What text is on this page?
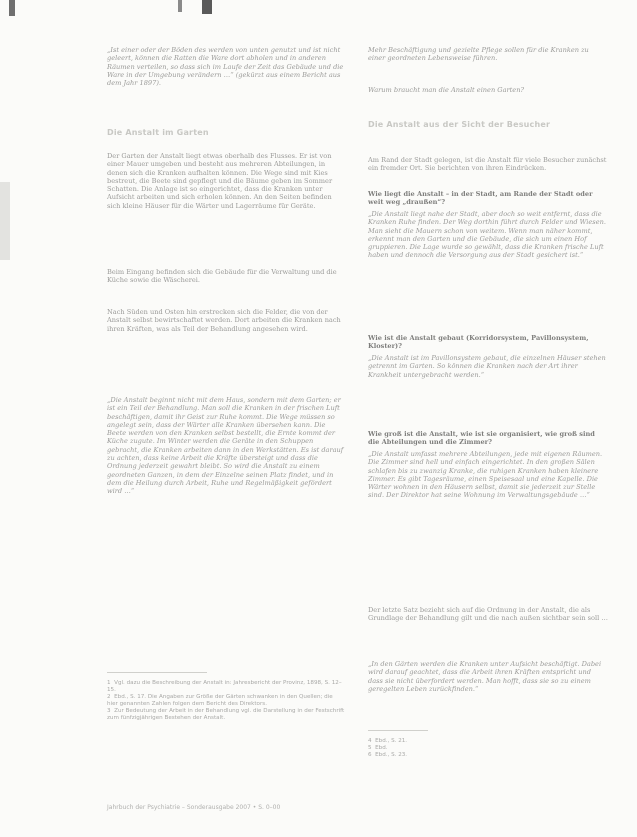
„Ist einer oder der Böden des werden von unten genutzt und ist nicht geleert, können die Ratten die Ware dort abholen und in anderen Räumen verteilen, so dass sich im Laufe der Zeit das Gebäude und die Ware in der Umgebung verändern …“ (gekürzt aus einem Bericht aus dem Jahr 1897).

Die Anstalt im Garten

Der Garten der Anstalt liegt etwas oberhalb des Flusses. Er ist von einer Mauer umgeben und besteht aus mehreren Abteilungen, in denen sich die Kranken aufhalten können. Die Wege sind mit Kies bestreut, die Beete sind gepflegt und die Bäume geben im Sommer Schatten. Die Anlage ist so eingerichtet, dass die Kranken unter Aufsicht arbeiten und sich erholen können. An den Seiten befinden sich kleine Häuser für die Wärter und Lagerräume für Geräte.

Beim Eingang befinden sich die Gebäude für die Verwaltung und die Küche sowie die Wäscherei.

Nach Süden und Osten hin erstrecken sich die Felder, die von der Anstalt selbst bewirtschaftet werden. Dort arbeiten die Kranken nach ihren Kräften, was als Teil der Behandlung angesehen wird.

„Die Anstalt beginnt nicht mit dem Haus, sondern mit dem Garten; er ist ein Teil der Behandlung. Man soll die Kranken in der frischen Luft beschäftigen, damit ihr Geist zur Ruhe kommt. Die Wege müssen so angelegt sein, dass der Wärter alle Kranken übersehen kann. Die Beete werden von den Kranken selbst bestellt, die Ernte kommt der Küche zugute. Im Winter werden die Geräte in den Schuppen gebracht, die Kranken arbeiten dann in den Werkstätten. Es ist darauf zu achten, dass keine Arbeit die Kräfte übersteigt und dass die Ordnung jederzeit gewahrt bleibt. So wird die Anstalt zu einem geordneten Ganzen, in dem der Einzelne seinen Platz findet, und in dem die Heilung durch Arbeit, Ruhe und Regelmäßigkeit gefördert wird …“

1  Vgl. dazu die Beschreibung der Anstalt in: Jahresbericht der Provinz, 1898, S. 12–15.
2  Ebd., S. 17. Die Angaben zur Größe der Gärten schwanken in den Quellen; die hier genannten Zahlen folgen dem Bericht des Direktors.
3  Zur Bedeutung der Arbeit in der Behandlung vgl. die Darstellung in der Festschrift zum fünfzigjährigen Bestehen der Anstalt.

Mehr Beschäftigung und gezielte Pflege sollen für die Kranken zu einer geordneten Lebensweise führen.

Warum braucht man die Anstalt einen Garten?

Die Anstalt aus der Sicht der Besucher

Am Rand der Stadt gelegen, ist die Anstalt für viele Besucher zunächst ein fremder Ort. Sie berichten von ihren Eindrücken.

Wie liegt die Anstalt – in der Stadt, am Rande der Stadt oder weit weg „draußen“?

„Die Anstalt liegt nahe der Stadt, aber doch so weit entfernt, dass die Kranken Ruhe finden. Der Weg dorthin führt durch Felder und Wiesen. Man sieht die Mauern schon von weitem. Wenn man näher kommt, erkennt man den Garten und die Gebäude, die sich um einen Hof gruppieren. Die Lage wurde so gewählt, dass die Kranken frische Luft haben und dennoch die Versorgung aus der Stadt gesichert ist.“

Wie ist die Anstalt gebaut (Korridorsystem, Pavillonsystem, Kloster)?

„Die Anstalt ist im Pavillonsystem gebaut, die einzelnen Häuser stehen getrennt im Garten. So können die Kranken nach der Art ihrer Krankheit untergebracht werden.“

Wie groß ist die Anstalt, wie ist sie organisiert, wie groß sind die Abteilungen und die Zimmer?

„Die Anstalt umfasst mehrere Abteilungen, jede mit eigenen Räumen. Die Zimmer sind hell und einfach eingerichtet. In den großen Sälen schlafen bis zu zwanzig Kranke, die ruhigen Kranken haben kleinere Zimmer. Es gibt Tagesräume, einen Speisesaal und eine Kapelle. Die Wärter wohnen in den Häusern selbst, damit sie jederzeit zur Stelle sind. Der Direktor hat seine Wohnung im Verwaltungsgebäude …“

Der letzte Satz bezieht sich auf die Ordnung in der Anstalt, die als Grundlage der Behandlung gilt und die nach außen sichtbar sein soll …

„In den Gärten werden die Kranken unter Aufsicht beschäftigt. Dabei wird darauf geachtet, dass die Arbeit ihren Kräften entspricht und dass sie nicht überfordert werden. Man hofft, dass sie so zu einem geregelten Leben zurückfinden.“

4  Ebd., S. 21.
5  Ebd.
6  Ebd., S. 23.

Jahrbuch der Psychiatrie – Sonderausgabe 2007 • S. 0–00
